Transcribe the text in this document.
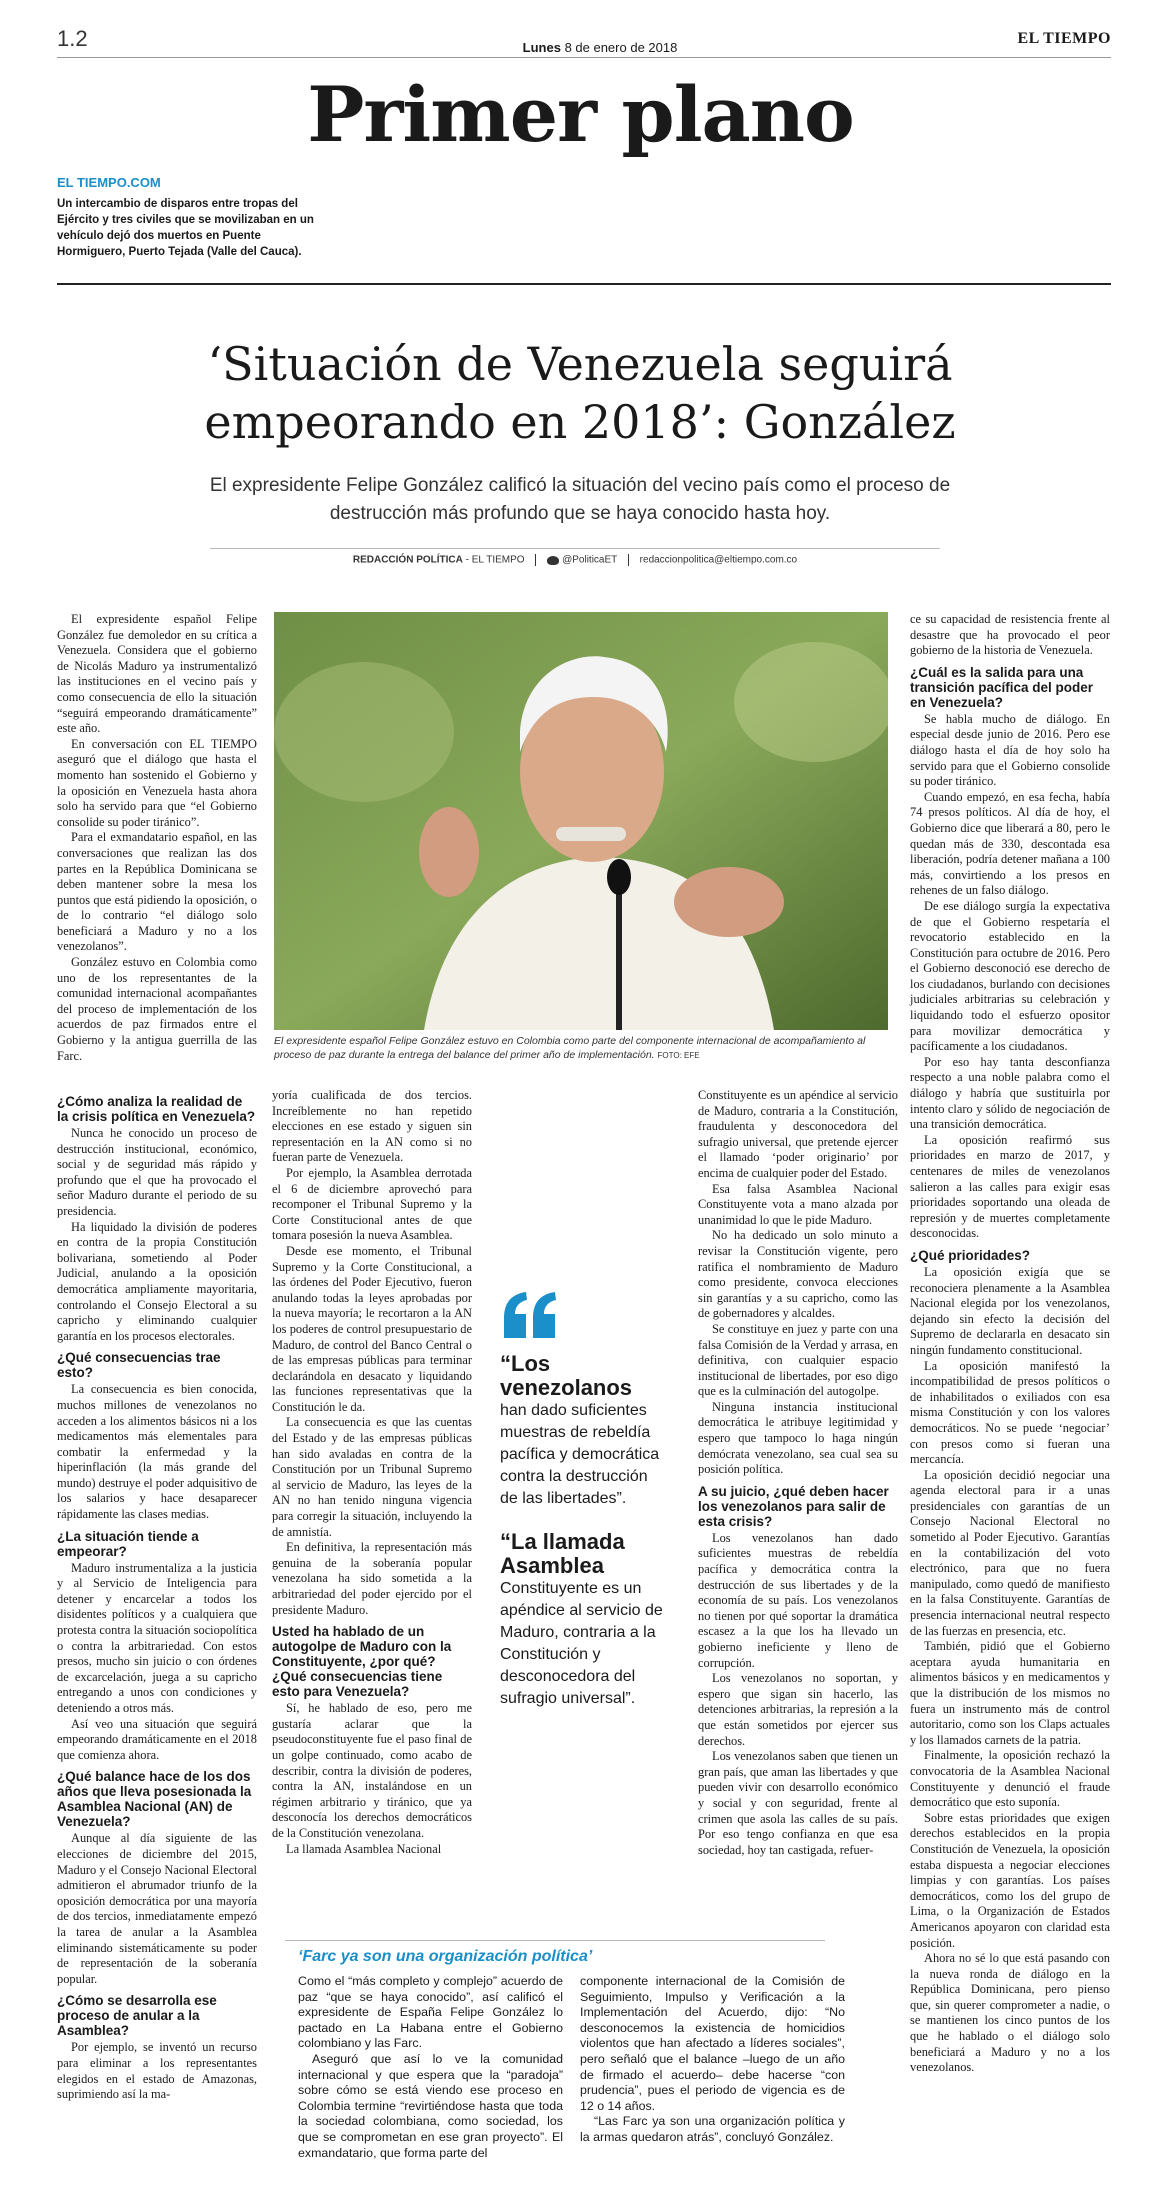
1.2	Lunes 8 de enero de 2018
EL TIEMPO
Primer plano
EL TIEMPO.COM
Un intercambio de disparos entre tropas del Ejército y tres civiles que se movilizaban en un vehículo dejó dos muertos en Puente Hormiguero, Puerto Tejada (Valle del Cauca).
‘Situación de Venezuela seguirá empeorando en 2018’: González
El expresidente Felipe González calificó la situación del vecino país como el proceso de destrucción más profundo que se haya conocido hasta hoy.
REDACCIÓN POLÍTICA - EL TIEMPO	@PoliticaET redaccionpolitica@eltiempo.com.co

El expresidente español Felipe González fue demoledor en su crítica a Venezuela. Considera que el gobierno de Nicolás Maduro ya instrumentalizó las instituciones en el vecino país y como consecuencia de ello la situación “seguirá empeorando dramáticamente” este año.

En conversación con EL TIEMPO aseguró que el diálogo que hasta el momento han sostenido el Gobierno y la oposición en Venezuela hasta ahora solo ha servido para que “el Gobierno consolide su poder tiránico”.

Para el exmandatario español, en las conversaciones que realizan las dos partes en la República Dominicana se deben mantener sobre la mesa los puntos que está pidiendo la oposición, o de lo contrario “el diálogo solo beneficiará a Maduro y no a los venezolanos”.

González estuvo en Colombia como uno de los representantes de la comunidad internacional acompañantes del proceso de implementación de los acuerdos de paz firmados entre el Gobierno y la antigua guerrilla de las Farc.

El expresidente español Felipe González estuvo en Colombia como parte del componente internacional de acompañamiento al proceso de paz durante la entrega del balance del primer año de implementación. FOTO: EFE
¿Cómo analiza la realidad de la crisis política en Venezuela?

Nunca he conocido un proceso de destrucción institucional, económico, social y de seguridad más rápido y profundo que el que ha provocado el señor Maduro durante el periodo de su presidencia.

Ha liquidado la división de poderes en contra de la propia Constitución bolivariana, sometiendo al Poder Judicial, anulando a la oposición democrática ampliamente mayoritaria, controlando el Consejo Electoral a su capricho y eliminando cualquier garantía en los procesos electorales.

¿Qué consecuencias trae esto?

La consecuencia es bien conocida, muchos millones de venezolanos no acceden a los alimentos básicos ni a los medicamentos más elementales para combatir la enfermedad y la hiperinflación (la más grande del mundo) destruye el poder adquisitivo de los salarios y hace desaparecer rápidamente las clases medias.

¿La situación tiende a empeorar?

Maduro instrumentaliza a la justicia y al Servicio de Inteligencia para detener y encarcelar a todos los disidentes políticos y a cualquiera que protesta contra la situación sociopolítica o contra la arbitrariedad. Con estos presos, mucho sin juicio o con órdenes de excarcelación, juega a su capricho entregando a unos con condiciones y deteniendo a otros más.

Así veo una situación que seguirá empeorando dramáticamente en el 2018 que comienza ahora.

¿Qué balance hace de los dos años que lleva posesionada la Asamblea Nacional (AN) de Venezuela?

Aunque al día siguiente de las elecciones de diciembre del 2015, Maduro y el Consejo Nacional Electoral admitieron el abrumador triunfo de la oposición democrática por una mayoría de dos tercios, inmediatamente empezó la tarea de anular a la Asamblea eliminando sistemáticamente su poder de representación de la soberanía popular.

¿Cómo se desarrolla ese proceso de anular a la Asamblea?

Por ejemplo, se inventó un recurso para eliminar a los representantes elegidos en el estado de Amazonas, suprimiendo así la ma-

yoría cualificada de dos tercios. Increíblemente no han repetido elecciones en ese estado y siguen sin representación en la AN como si no fueran parte de Venezuela.

Por ejemplo, la Asamblea derrotada el 6 de diciembre aprovechó para recomponer el Tribunal Supremo y la Corte Constitucional antes de que tomara posesión la nueva Asamblea.

Desde ese momento, el Tribunal Supremo y la Corte Constitucional, a las órdenes del Poder Ejecutivo, fueron anulando todas la leyes aprobadas por la nueva mayoría; le recortaron a la AN los poderes de control presupuestario de Maduro, de control del Banco Central o de las empresas públicas para terminar declarándola en desacato y liquidando las funciones representativas que la Constitución le da.

La consecuencia es que las cuentas del Estado y de las empresas públicas han sido avaladas en contra de la Constitución por un Tribunal Supremo al servicio de Maduro, las leyes de la AN no han tenido ninguna vigencia para corregir la situación, incluyendo la de amnistía.

En definitiva, la representación más genuina de la soberanía popular venezolana ha sido sometida a la arbitrariedad del poder ejercido por el presidente Maduro.

Usted ha hablado de un autogolpe de Maduro con la Constituyente, ¿por qué? ¿Qué consecuencias tiene esto para Venezuela?

Sí, he hablado de eso, pero me gustaría aclarar que la pseudoconstituyente fue el paso final de un golpe continuado, como acabo de describir, contra la división de poderes, contra la AN, instalándose en un régimen arbitrario y tiránico, que ya desconocía los derechos democráticos de la Constitución venezolana.

La llamada Asamblea Nacional

Constituyente es un apéndice al servicio de Maduro, contraria a la Constitución, fraudulenta y desconocedora del sufragio universal, que pretende ejercer el llamado ‘poder originario’ por encima de cualquier poder del Estado.

Esa falsa Asamblea Nacional Constituyente vota a mano alzada por unanimidad lo que le pide Maduro.

No ha dedicado un solo minuto a revisar la Constitución vigente, pero ratifica el nombramiento de Maduro como presidente, convoca elecciones sin garantías y a su capricho, como las de gobernadores y alcaldes.

Se constituye en juez y parte con una falsa Comisión de la Verdad y arrasa, en definitiva, con cualquier espacio institucional de libertades, por eso digo que es la culminación del autogolpe.

Ninguna instancia institucional democrática le atribuye legitimidad y espero que tampoco lo haga ningún demócrata venezolano, sea cual sea su posición política.

A su juicio, ¿qué deben hacer los venezolanos para salir de esta crisis?

Los venezolanos han dado suficientes muestras de rebeldía pacífica y democrática contra la destrucción de sus libertades y de la economía de su país. Los venezolanos no tienen por qué soportar la dramática escasez a la que los ha llevado un gobierno ineficiente y lleno de corrupción.

Los venezolanos no soportan, y espero que sigan sin hacerlo, las detenciones arbitrarias, la represión a la que están sometidos por ejercer sus derechos.

Los venezolanos saben que tienen un gran país, que aman las libertades y que pueden vivir con desarrollo económico y social y con seguridad, frente al crimen que asola las calles de su país. Por eso tengo confianza en que esa sociedad, hoy tan castigada, refuer-

ce su capacidad de resistencia frente al desastre que ha provocado el peor gobierno de la historia de Venezuela.

¿Cuál es la salida para una transición pacífica del poder en Venezuela?

Se habla mucho de diálogo. En especial desde junio de 2016. Pero ese diálogo hasta el día de hoy solo ha servido para que el Gobierno consolide su poder tiránico.

Cuando empezó, en esa fecha, había 74 presos políticos. Al día de hoy, el Gobierno dice que liberará a 80, pero le quedan más de 330, descontada esa liberación, podría detener mañana a 100 más, convirtiendo a los presos en rehenes de un falso diálogo.

De ese diálogo surgía la expectativa de que el Gobierno respetaría el revocatorio establecido en la Constitución para octubre de 2016. Pero el Gobierno desconoció ese derecho de los ciudadanos, burlando con decisiones judiciales arbitrarias su celebración y liquidando todo el esfuerzo opositor para movilizar democrática y pacíficamente a los ciudadanos.

Por eso hay tanta desconfianza respecto a una noble palabra como el diálogo y habría que sustituirla por intento claro y sólido de negociación de una transición democrática.

La oposición reafirmó sus prioridades en marzo de 2017, y centenares de miles de venezolanos salieron a las calles para exigir esas prioridades soportando una oleada de represión y de muertes completamente desconocidas.

¿Qué prioridades?

La oposición exigía que se reconociera plenamente a la Asamblea Nacional elegida por los venezolanos, dejando sin efecto la decisión del Supremo de declararla en desacato sin ningún fundamento constitucional.

La oposición manifestó la incompatibilidad de presos políticos o de inhabilitados o exiliados con esa misma Constitución y con los valores democráticos. No se puede ‘negociar’ con presos como si fueran una mercancía.

La oposición decidió negociar una agenda electoral para ir a unas presidenciales con garantías de un Consejo Nacional Electoral no sometido al Poder Ejecutivo. Garantías en la contabilización del voto electrónico, para que no fuera manipulado, como quedó de manifiesto en la falsa Constituyente. Garantías de presencia internacional neutral respecto de las fuerzas en presencia, etc.

También, pidió que el Gobierno aceptara ayuda humanitaria en alimentos básicos y en medicamentos y que la distribución de los mismos no fuera un instrumento más de control autoritario, como son los Claps actuales y los llamados carnets de la patria.

Finalmente, la oposición rechazó la convocatoria de la Asamblea Nacional Constituyente y denunció el fraude democrático que esto suponía.

Sobre estas prioridades que exigen derechos establecidos en la propia Constitución de Venezuela, la oposición estaba dispuesta a negociar elecciones limpias y con garantías. Los países democráticos, como los del grupo de Lima, o la Organización de Estados Americanos apoyaron con claridad esta posición.

Ahora no sé lo que está pasando con la nueva ronda de diálogo en la República Dominicana, pero pienso que, sin querer comprometer a nadie, o se mantienen los cinco puntos de los que he hablado o el diálogo solo beneficiará a Maduro y no a los venezolanos.

“Los venezolanos
han dado suficientes muestras de rebeldía pacífica y democrática contra la destrucción de las libertades”.
“La llamada Asamblea
Constituyente es un apéndice al servicio de Maduro, contraria a la Constitución y desconocedora del sufragio universal”.
‘Farc ya son una organización política’

Como el “más completo y complejo” acuerdo de paz “que se haya conocido”, así calificó el expresidente de España Felipe González lo pactado en La Habana entre el Gobierno colombiano y las Farc.

Aseguró que así lo ve la comunidad internacional y que espera que la “paradoja” sobre cómo se está viendo ese proceso en Colombia termine “revirtiéndose hasta que toda la sociedad colombiana, como sociedad, los que se comprometan en ese gran proyecto”. El exmandatario, que forma parte del

componente internacional de la Comisión de Seguimiento, Impulso y Verificación a la Implementación del Acuerdo, dijo: “No desconocemos la existencia de homicidios violentos que han afectado a líderes sociales”, pero señaló que el balance –luego de un año de firmado el acuerdo– debe hacerse “con prudencia”, pues el periodo de vigencia es de 12 o 14 años.

“Las Farc ya son una organización política y la armas quedaron atrás”, concluyó González.
